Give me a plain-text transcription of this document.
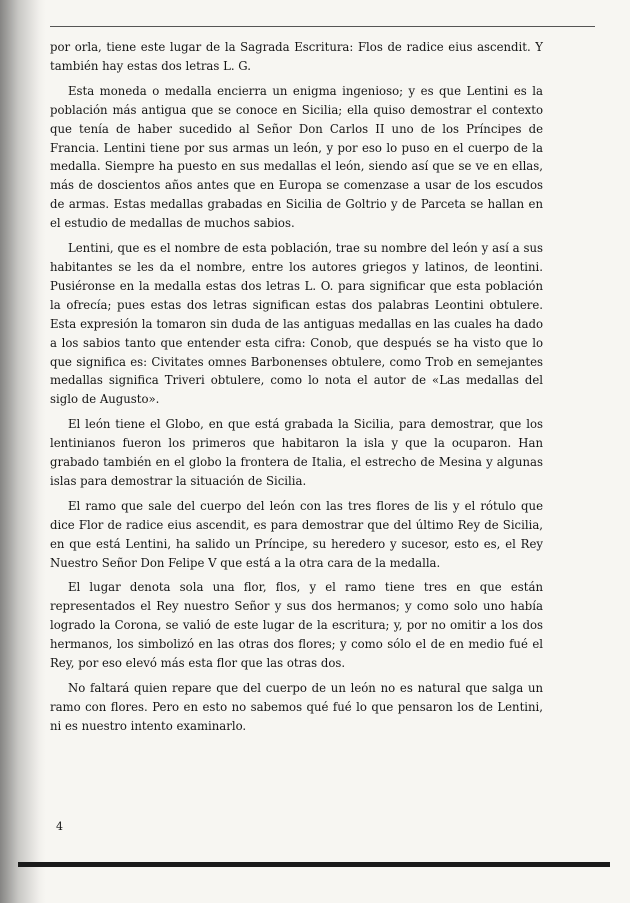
por orla, tiene este lugar de la Sagrada Escritura: Flos de radice eius ascendit. Y también hay estas dos letras L. G.

Esta moneda o medalla encierra un enigma ingenioso; y es que Lentini es la población más antigua que se conoce en Sicilia; ella quiso demostrar el contexto que tenía de haber sucedido al Señor Don Carlos II uno de los Príncipes de Francia. Lentini tiene por sus armas un león, y por eso lo puso en el cuerpo de la medalla. Siempre ha puesto en sus medallas el león, siendo así que se ve en ellas, más de doscientos años antes que en Europa se comenzase a usar de los escudos de armas. Estas medallas grabadas en Sicilia de Goltrio y de Parceta se hallan en el estudio de medallas de muchos sabios.

Lentini, que es el nombre de esta población, trae su nombre del león y así a sus habitantes se les da el nombre, entre los autores griegos y latinos, de leontini. Pusiéronse en la medalla estas dos letras L. O. para significar que esta población la ofrecía; pues estas dos letras significan estas dos palabras Leontini obtulere. Esta expresión la tomaron sin duda de las antiguas medallas en las cuales ha dado a los sabios tanto que entender esta cifra: Conob, que después se ha visto que lo que significa es: Civitates omnes Barbonenses obtulere, como Trob en semejantes medallas significa Triveri obtulere, como lo nota el autor de «Las medallas del siglo de Augusto».

El león tiene el Globo, en que está grabada la Sicilia, para demostrar, que los lentinianos fueron los primeros que habitaron la isla y que la ocuparon. Han grabado también en el globo la frontera de Italia, el estrecho de Mesina y algunas islas para demostrar la situación de Sicilia.

El ramo que sale del cuerpo del león con las tres flores de lis y el rótulo que dice Flor de radice eius ascendit, es para demostrar que del último Rey de Sicilia, en que está Lentini, ha salido un Príncipe, su heredero y sucesor, esto es, el Rey Nuestro Señor Don Felipe V que está a la otra cara de la medalla.

El lugar denota sola una flor, flos, y el ramo tiene tres en que están representados el Rey nuestro Señor y sus dos hermanos; y como solo uno había logrado la Corona, se valió de este lugar de la escritura; y, por no omitir a los dos hermanos, los simbolizó en las otras dos flores; y como sólo el de en medio fué el Rey, por eso elevó más esta flor que las otras dos.

No faltará quien repare que del cuerpo de un león no es natural que salga un ramo con flores. Pero en esto no sabemos qué fué lo que pensaron los de Lentini, ni es nuestro intento examinarlo.

4
